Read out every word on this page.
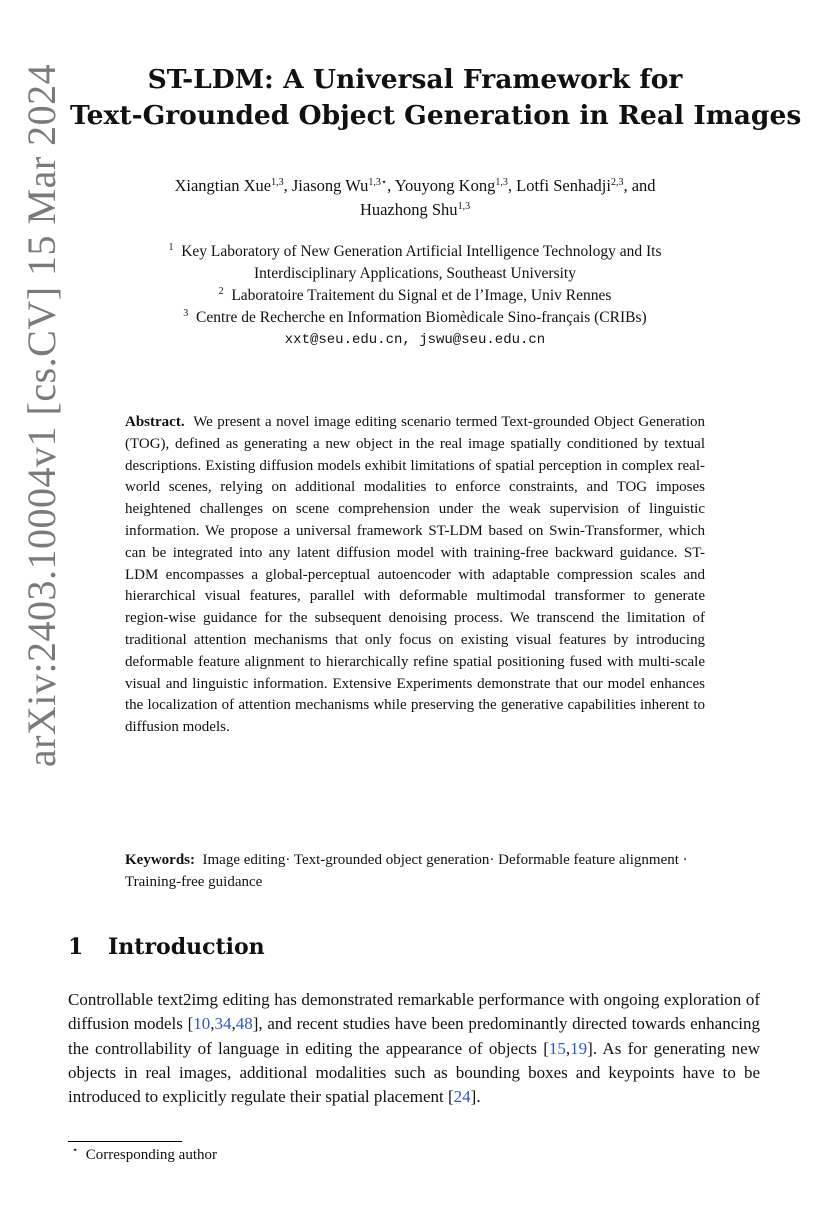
arXiv:2403.10004v1 [cs.CV] 15 Mar 2024	ST-LDM: A Universal Framework for
Text-Grounded Object Generation in Real Images
Xiangtian Xue$^{1,3}$, Jiasong $Wu^{1,3⋆}$, Youyong Kong$^{1,3}$, Lotfi Senhadji$^{2,3}$, and
Huazhong Shu$^{1,3}$
$^1$ Key Laboratory of New Generation Artificial Intelligence Technology and Its
Interdisciplinary Applications, Southeast University
$^2$ Laboratoire Traitement du Signal et de l’Image, Univ Rennes
$^3$ Centre de Recherche en Information Biomèdicale Sino-français (CRIBs)
xxt@seu.edu.cn, jswu@seu.edu.cn
Abstract. We present a novel image editing scenario termed Text-grounded Object Generation (TOG), defined as generating a new object in the real image spatially conditioned by textual descriptions. Existing diffusion models exhibit limitations of spatial perception in complex real-world scenes, relying on additional modalities to enforce constraints, and TOG imposes heightened challenges on scene comprehension under the weak supervision of linguistic information. We propose a universal framework ST-LDM based on Swin-Transformer, which can be integrated into any latent diffusion model with training-free backward guidance. ST-LDM encompasses a global-perceptual autoencoder with adaptable compression scales and hierarchical visual features, parallel with deformable multimodal transformer to generate region-wise guidance for the subsequent denoising process. We transcend the limitation of traditional attention mechanisms that only focus on existing visual features by introducing deformable feature alignment to hierarchically refine spatial positioning fused with multi-scale visual and linguistic information. Extensive Experiments demonstrate that our model enhances the localization of attention mechanisms while preserving the generative capabilities inherent to diffusion models.
Keywords: Image editing· Text-grounded object generation· Deformable feature alignment · Training-free guidance
1 Introduction
Controllable text2img editing has demonstrated remarkable performance with ongoing exploration of diffusion models [10,34,48], and recent studies have been predominantly directed towards enhancing the controllability of language in editing the appearance of objects [15,19]. As for generating new objects in real images, additional modalities such as bounding boxes and keypoints have to be introduced to explicitly regulate their spatial placement [24].
⋆ Corresponding author
